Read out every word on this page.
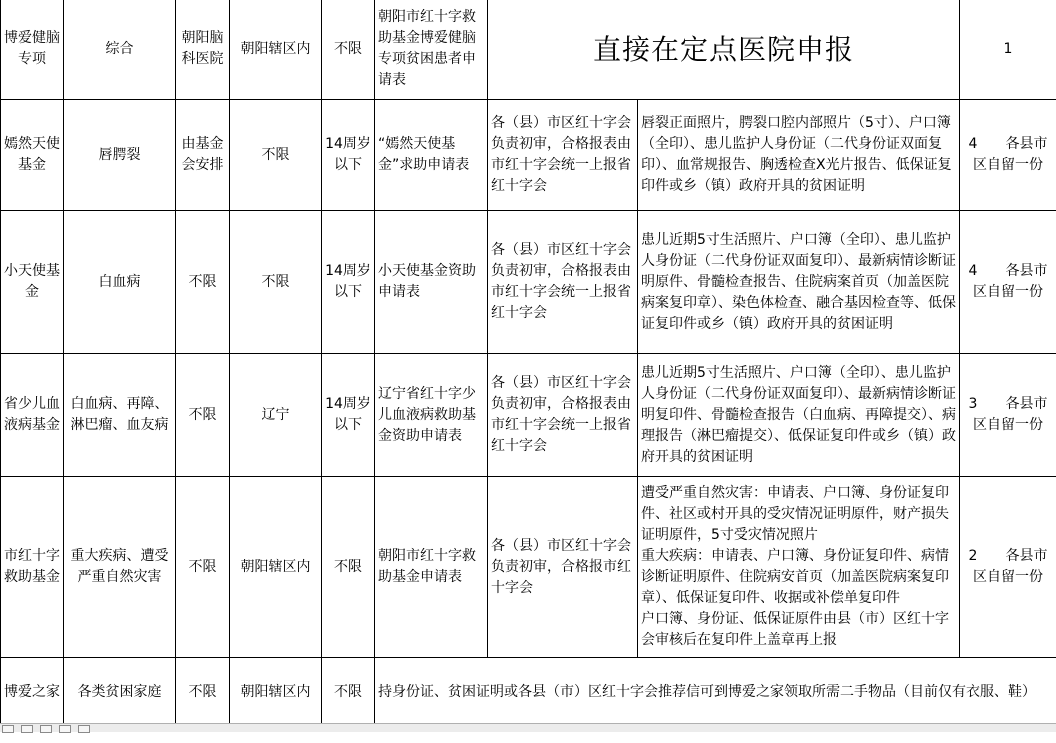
博爱健脑专项	综合	朝阳脑科医院	朝阳辖区内	不限	朝阳市红十字救助基金博爱健脑专项贫困患者申请表	直接在定点医院申报		1
嫣然天使基金	唇腭裂	由基金会安排	不限	14周岁以下	“嫣然天使基金”求助申请表	各（县）市区红十字会负责初审，合格报表由市红十字会统一上报省红十字会	唇裂正面照片，腭裂口腔内部照片（5寸）、户口簿（全印）、患儿监护人身份证（二代身份证双面复印）、血常规报告、胸透检查X光片报告、低保证复印件或乡（镇）政府开具的贫困证明	4　　各县市区自留一份
小天使基金	白血病	不限	不限	14周岁以下	小天使基金资助申请表	各（县）市区红十字会负责初审，合格报表由市红十字会统一上报省红十字会	患儿近期5寸生活照片、户口簿（全印）、患儿监护人身份证（二代身份证双面复印）、最新病情诊断证明原件、骨髓检查报告、住院病案首页（加盖医院病案复印章）、染色体检查、融合基因检查等、低保证复印件或乡（镇）政府开具的贫困证明	4　　各县市区自留一份
省少儿血液病基金	白血病、再障、淋巴瘤、血友病	不限	辽宁	14周岁以下	辽宁省红十字少儿血液病救助基金资助申请表	各（县）市区红十字会负责初审，合格报表由市红十字会统一上报省红十字会	患儿近期5寸生活照片、户口簿（全印）、患儿监护人身份证（二代身份证双面复印）、最新病情诊断证明复印件、骨髓检查报告（白血病、再障提交）、病理报告（淋巴瘤提交）、低保证复印件或乡（镇）政府开具的贫困证明	3　　各县市区自留一份
市红十字救助基金	重大疾病、遭受严重自然灾害	不限	朝阳辖区内	不限	朝阳市红十字救助基金申请表	各（县）市区红十字会负责初审，合格报市红十字会	遭受严重自然灾害：申请表、户口簿、身份证复印件、社区或村开具的受灾情况证明原件，财产损失证明原件，5寸受灾情况照片
重大疾病：申请表、户口簿、身份证复印件、病情诊断证明原件、住院病安首页（加盖医院病案复印章）、低保证复印件、收据或补偿单复印件
户口簿、身份证、低保证原件由县（市）区红十字会审核后在复印件上盖章再上报	2　　各县市区自留一份
博爱之家	各类贫困家庭	不限	朝阳辖区内	不限	持身份证、贫困证明或各县（市）区红十字会推荐信可到博爱之家领取所需二手物品（目前仅有衣服、鞋）			
